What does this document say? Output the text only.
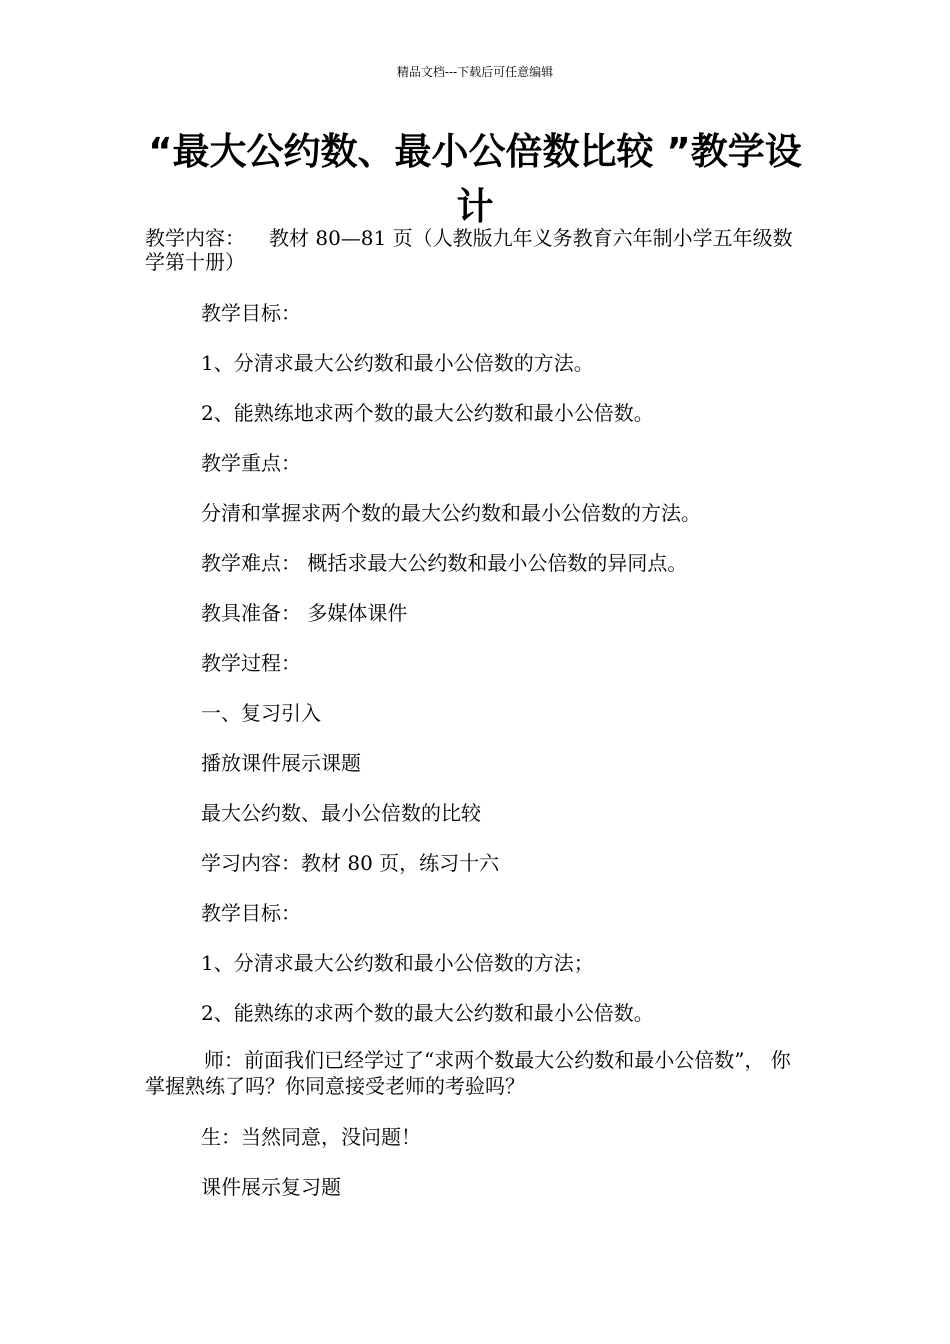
精品文档---下载后可任意编辑
“最大公约数、最小公倍数比较 ”教学设计
教学内容： 教材 80—81 页（人教版九年义务教育六年制小学五年级数学第十册）
教学目标：
1、分清求最大公约数和最小公倍数的方法。
2、能熟练地求两个数的最大公约数和最小公倍数。
教学重点：
分清和掌握求两个数的最大公约数和最小公倍数的方法。
教学难点： 概括求最大公约数和最小公倍数的异同点。
教具准备： 多媒体课件
教学过程：
一、复习引入
播放课件展示课题
最大公约数、最小公倍数的比较
学习内容：教材 80 页，练习十六
教学目标：
1、分清求最大公约数和最小公倍数的方法；
2、能熟练的求两个数的最大公约数和最小公倍数。
师：前面我们已经学过了“求两个数最大公约数和最小公倍数”， 你掌握熟练了吗？你同意接受老师的考验吗？
生：当然同意，没问题！
课件展示复习题
